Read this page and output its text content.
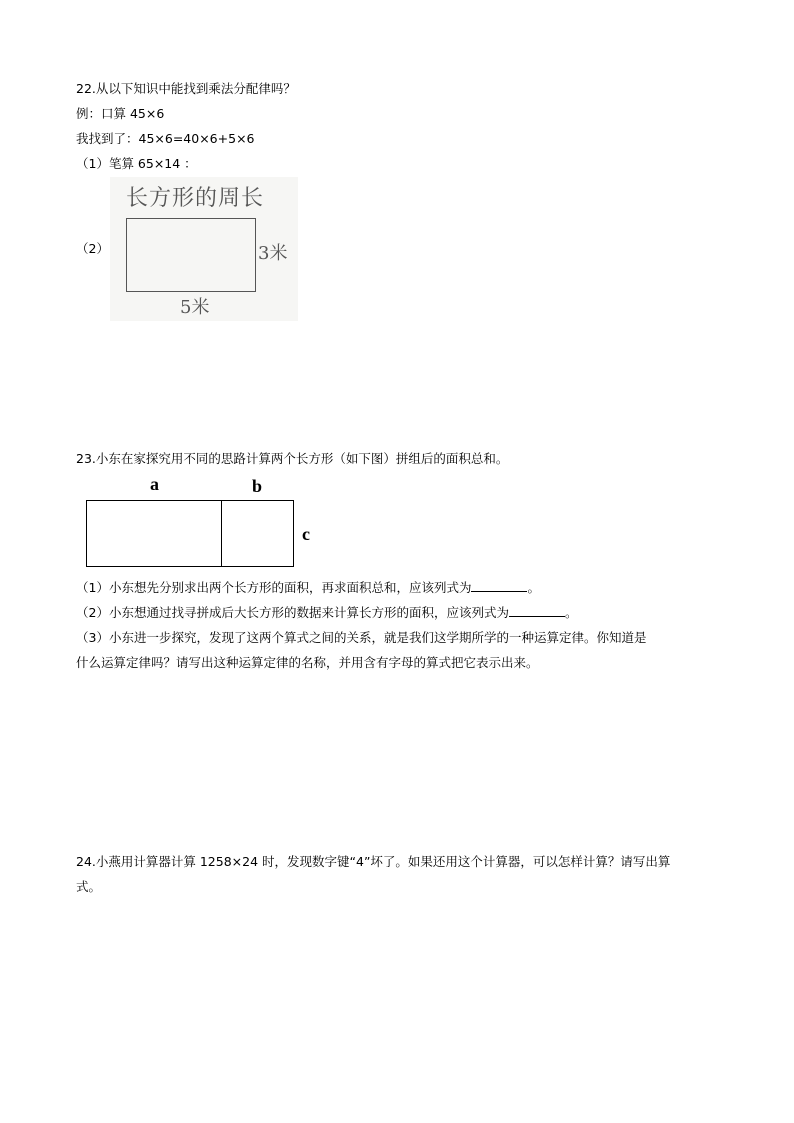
22.从以下知识中能找到乘法分配律吗？
例：口算 45×6
我找到了：45×6=40×6+5×6
（1）笔算 65×14 ：
（2）
长方形的周长
3米
5米
23.小东在家探究用不同的思路计算两个长方形（如下图）拼组后的面积总和。
a	b
c
（1）小东想先分别求出两个长方形的面积，再求面积总和，应该列式为	。
（2）小东想通过找寻拼成后大长方形的数据来计算长方形的面积，应该列式为	。
（3）小东进一步探究，发现了这两个算式之间的关系，就是我们这学期所学的一种运算定律。你知道是
什么运算定律吗？请写出这种运算定律的名称，并用含有字母的算式把它表示出来。
24.小燕用计算器计算 1258×24 时，发现数字键“4”坏了。如果还用这个计算器，可以怎样计算？请写出算
式。
